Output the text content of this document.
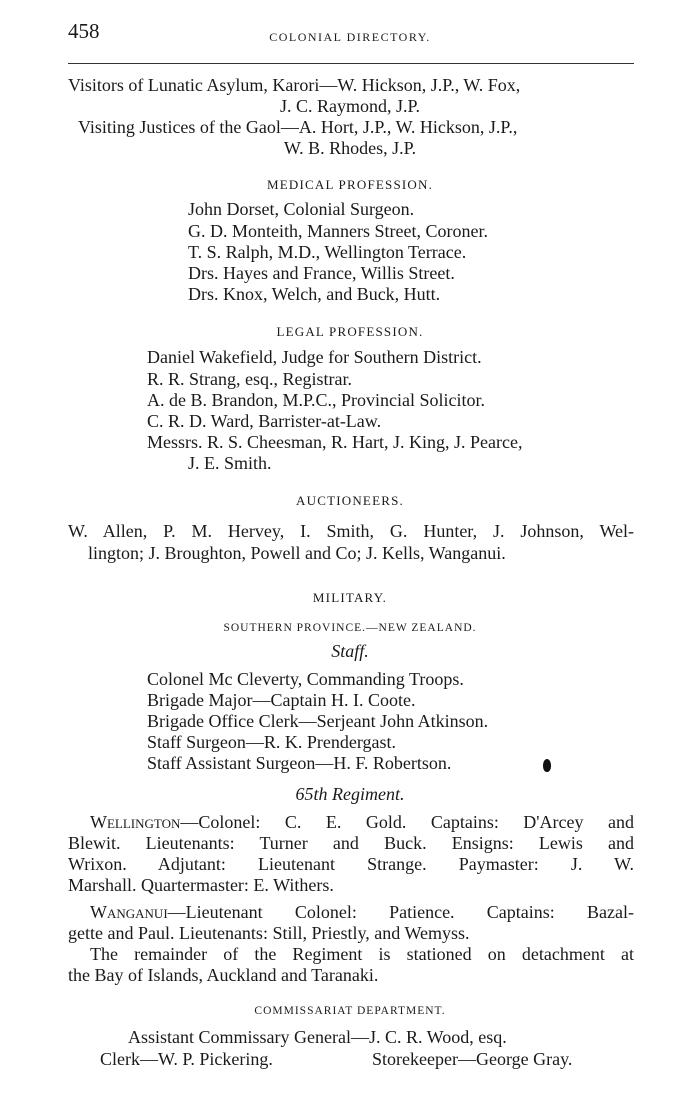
458	COLONIAL DIRECTORY.
Visitors of Lunatic Asylum, Karori—W. Hickson, J.P., W. Fox,
J. C. Raymond, J.P.
Visiting Justices of the Gaol—A. Hort, J.P., W. Hickson, J.P.,
W. B. Rhodes, J.P.
MEDICAL PROFESSION.
John Dorset, Colonial Surgeon.
G. D. Monteith, Manners Street, Coroner.
T. S. Ralph, M.D., Wellington Terrace.
Drs. Hayes and France, Willis Street.
Drs. Knox, Welch, and Buck, Hutt.
LEGAL PROFESSION.
Daniel Wakefield, Judge for Southern District.
R. R. Strang, esq., Registrar.
A. de B. Brandon, M.P.C., Provincial Solicitor.
C. R. D. Ward, Barrister-at-Law.
Messrs. R. S. Cheesman, R. Hart, J. King, J. Pearce,
J. E. Smith.
AUCTIONEERS.
W. Allen, P. M. Hervey, I. Smith, G. Hunter, J. Johnson, Wel-
lington; J. Broughton, Powell and Co; J. Kells, Wanganui.
MILITARY.
SOUTHERN PROVINCE.—NEW ZEALAND.
Staff.
Colonel Mc Cleverty, Commanding Troops.
Brigade Major—Captain H. I. Coote.
Brigade Office Clerk—Serjeant John Atkinson.
Staff Surgeon—R. K. Prendergast.
Staff Assistant Surgeon—H. F. Robertson.
65th Regiment.
Wellington—Colonel: C. E. Gold. Captains: D'Arcey and
Blewit. Lieutenants: Turner and Buck. Ensigns: Lewis and
Wrixon. Adjutant: Lieutenant Strange. Paymaster: J. W.
Marshall. Quartermaster: E. Withers.
Wanganui—Lieutenant Colonel: Patience. Captains: Bazal-
gette and Paul. Lieutenants: Still, Priestly, and Wemyss.
The remainder of the Regiment is stationed on detachment at
the Bay of Islands, Auckland and Taranaki.
COMMISSARIAT DEPARTMENT.
Assistant Commissary General—J. C. R. Wood, esq.
Clerk—W. P. Pickering.	Storekeeper—George Gray.
